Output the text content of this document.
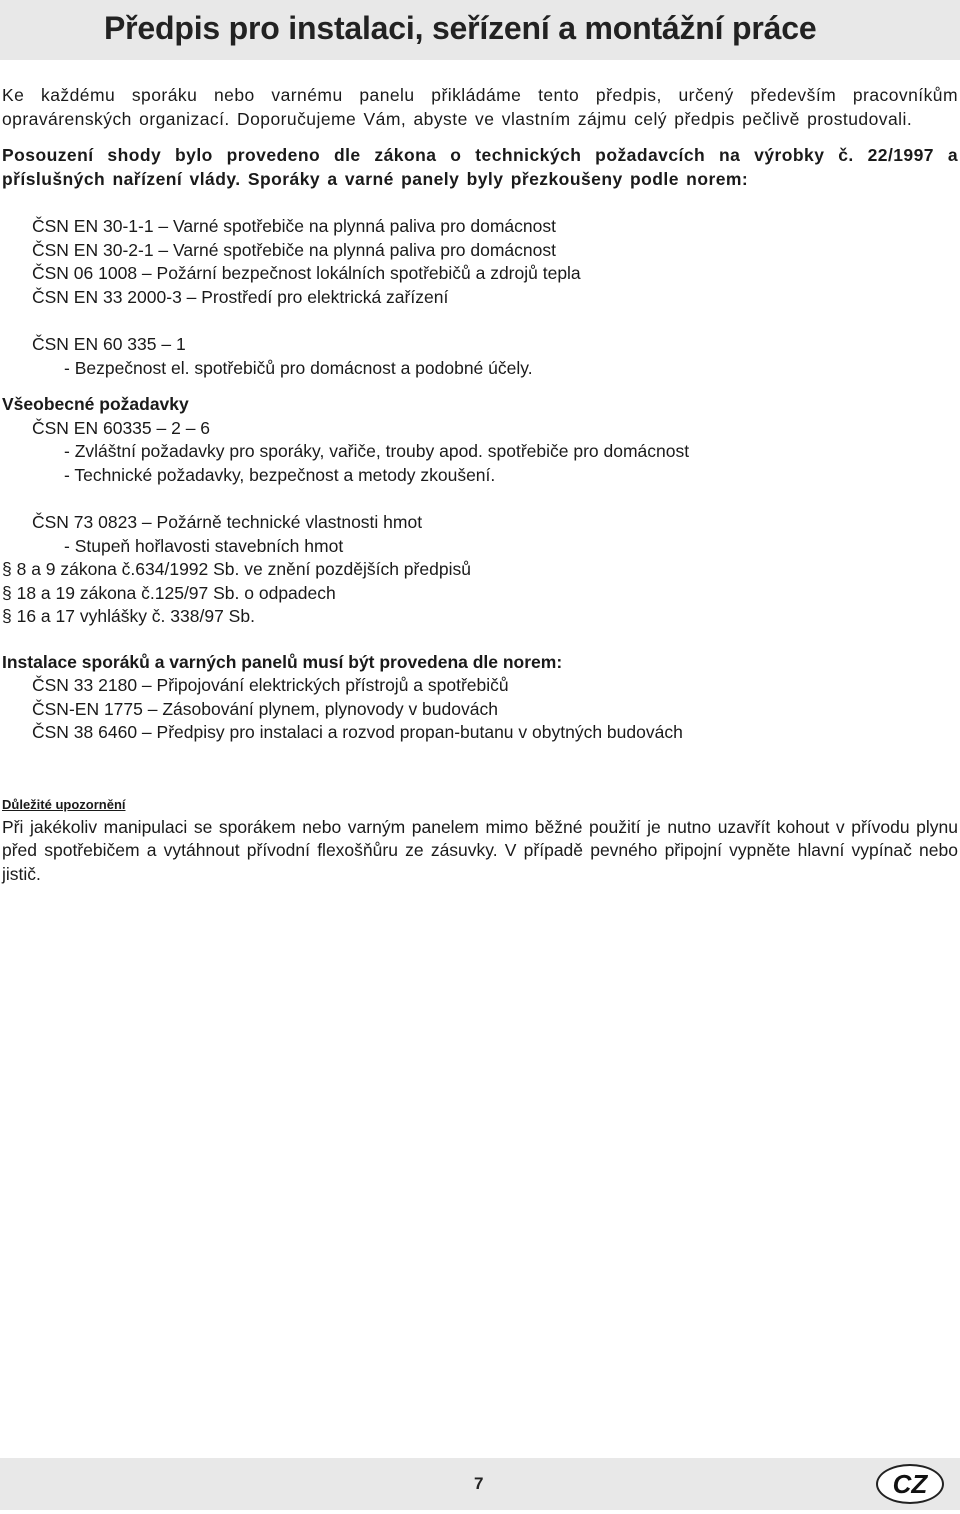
Předpis pro instalaci, seřízení a montážní práce

Ke každému sporáku nebo varnému panelu přikládáme tento předpis, určený především pracovníkům opravárenských organizací. Doporučujeme Vám, abyste ve vlastním zájmu celý předpis pečlivě prostudovali.

Posouzení shody bylo provedeno dle zákona o technických požadavcích na výrobky č. 22/1997 a příslušných nařízení vlády. Sporáky a varné panely byly přezkoušeny podle norem:

ČSN EN 30-1-1 – Varné spotřebiče na plynná paliva pro domácnost

ČSN EN 30-2-1 – Varné spotřebiče na plynná paliva pro domácnost

ČSN 06 1008 – Požární bezpečnost lokálních spotřebičů a zdrojů tepla

ČSN EN 33 2000-3 – Prostředí pro elektrická zařízení

ČSN EN 60 335 – 1

- Bezpečnost el. spotřebičů pro domácnost a podobné účely.

Všeobecné požadavky

ČSN EN 60335 – 2 – 6

- Zvláštní požadavky pro sporáky, vařiče, trouby apod. spotřebiče pro domácnost

- Technické požadavky, bezpečnost a metody zkoušení.

ČSN 73 0823 – Požárně technické vlastnosti hmot

- Stupeň hořlavosti stavebních hmot

§ 8 a 9 zákona č.634/1992 Sb. ve znění pozdějších předpisů

§ 18 a 19 zákona č.125/97 Sb. o odpadech

§ 16 a 17 vyhlášky č. 338/97 Sb.

Instalace sporáků a varných panelů musí být provedena dle norem:

ČSN 33 2180 – Připojování elektrických přístrojů a spotřebičů

ČSN-EN 1775 – Zásobování plynem, plynovody v budovách

ČSN 38 6460 – Předpisy pro instalaci a rozvod propan-butanu v obytných budovách

Důležité upozornění

Při jakékoliv manipulaci se sporákem nebo varným panelem mimo běžné použití je nutno uzavřít kohout v přívodu plynu před spotřebičem a vytáhnout přívodní flexošňůru ze zásuvky. V případě pevného připojní vypněte hlavní vypínač nebo jistič.

7	CZ
